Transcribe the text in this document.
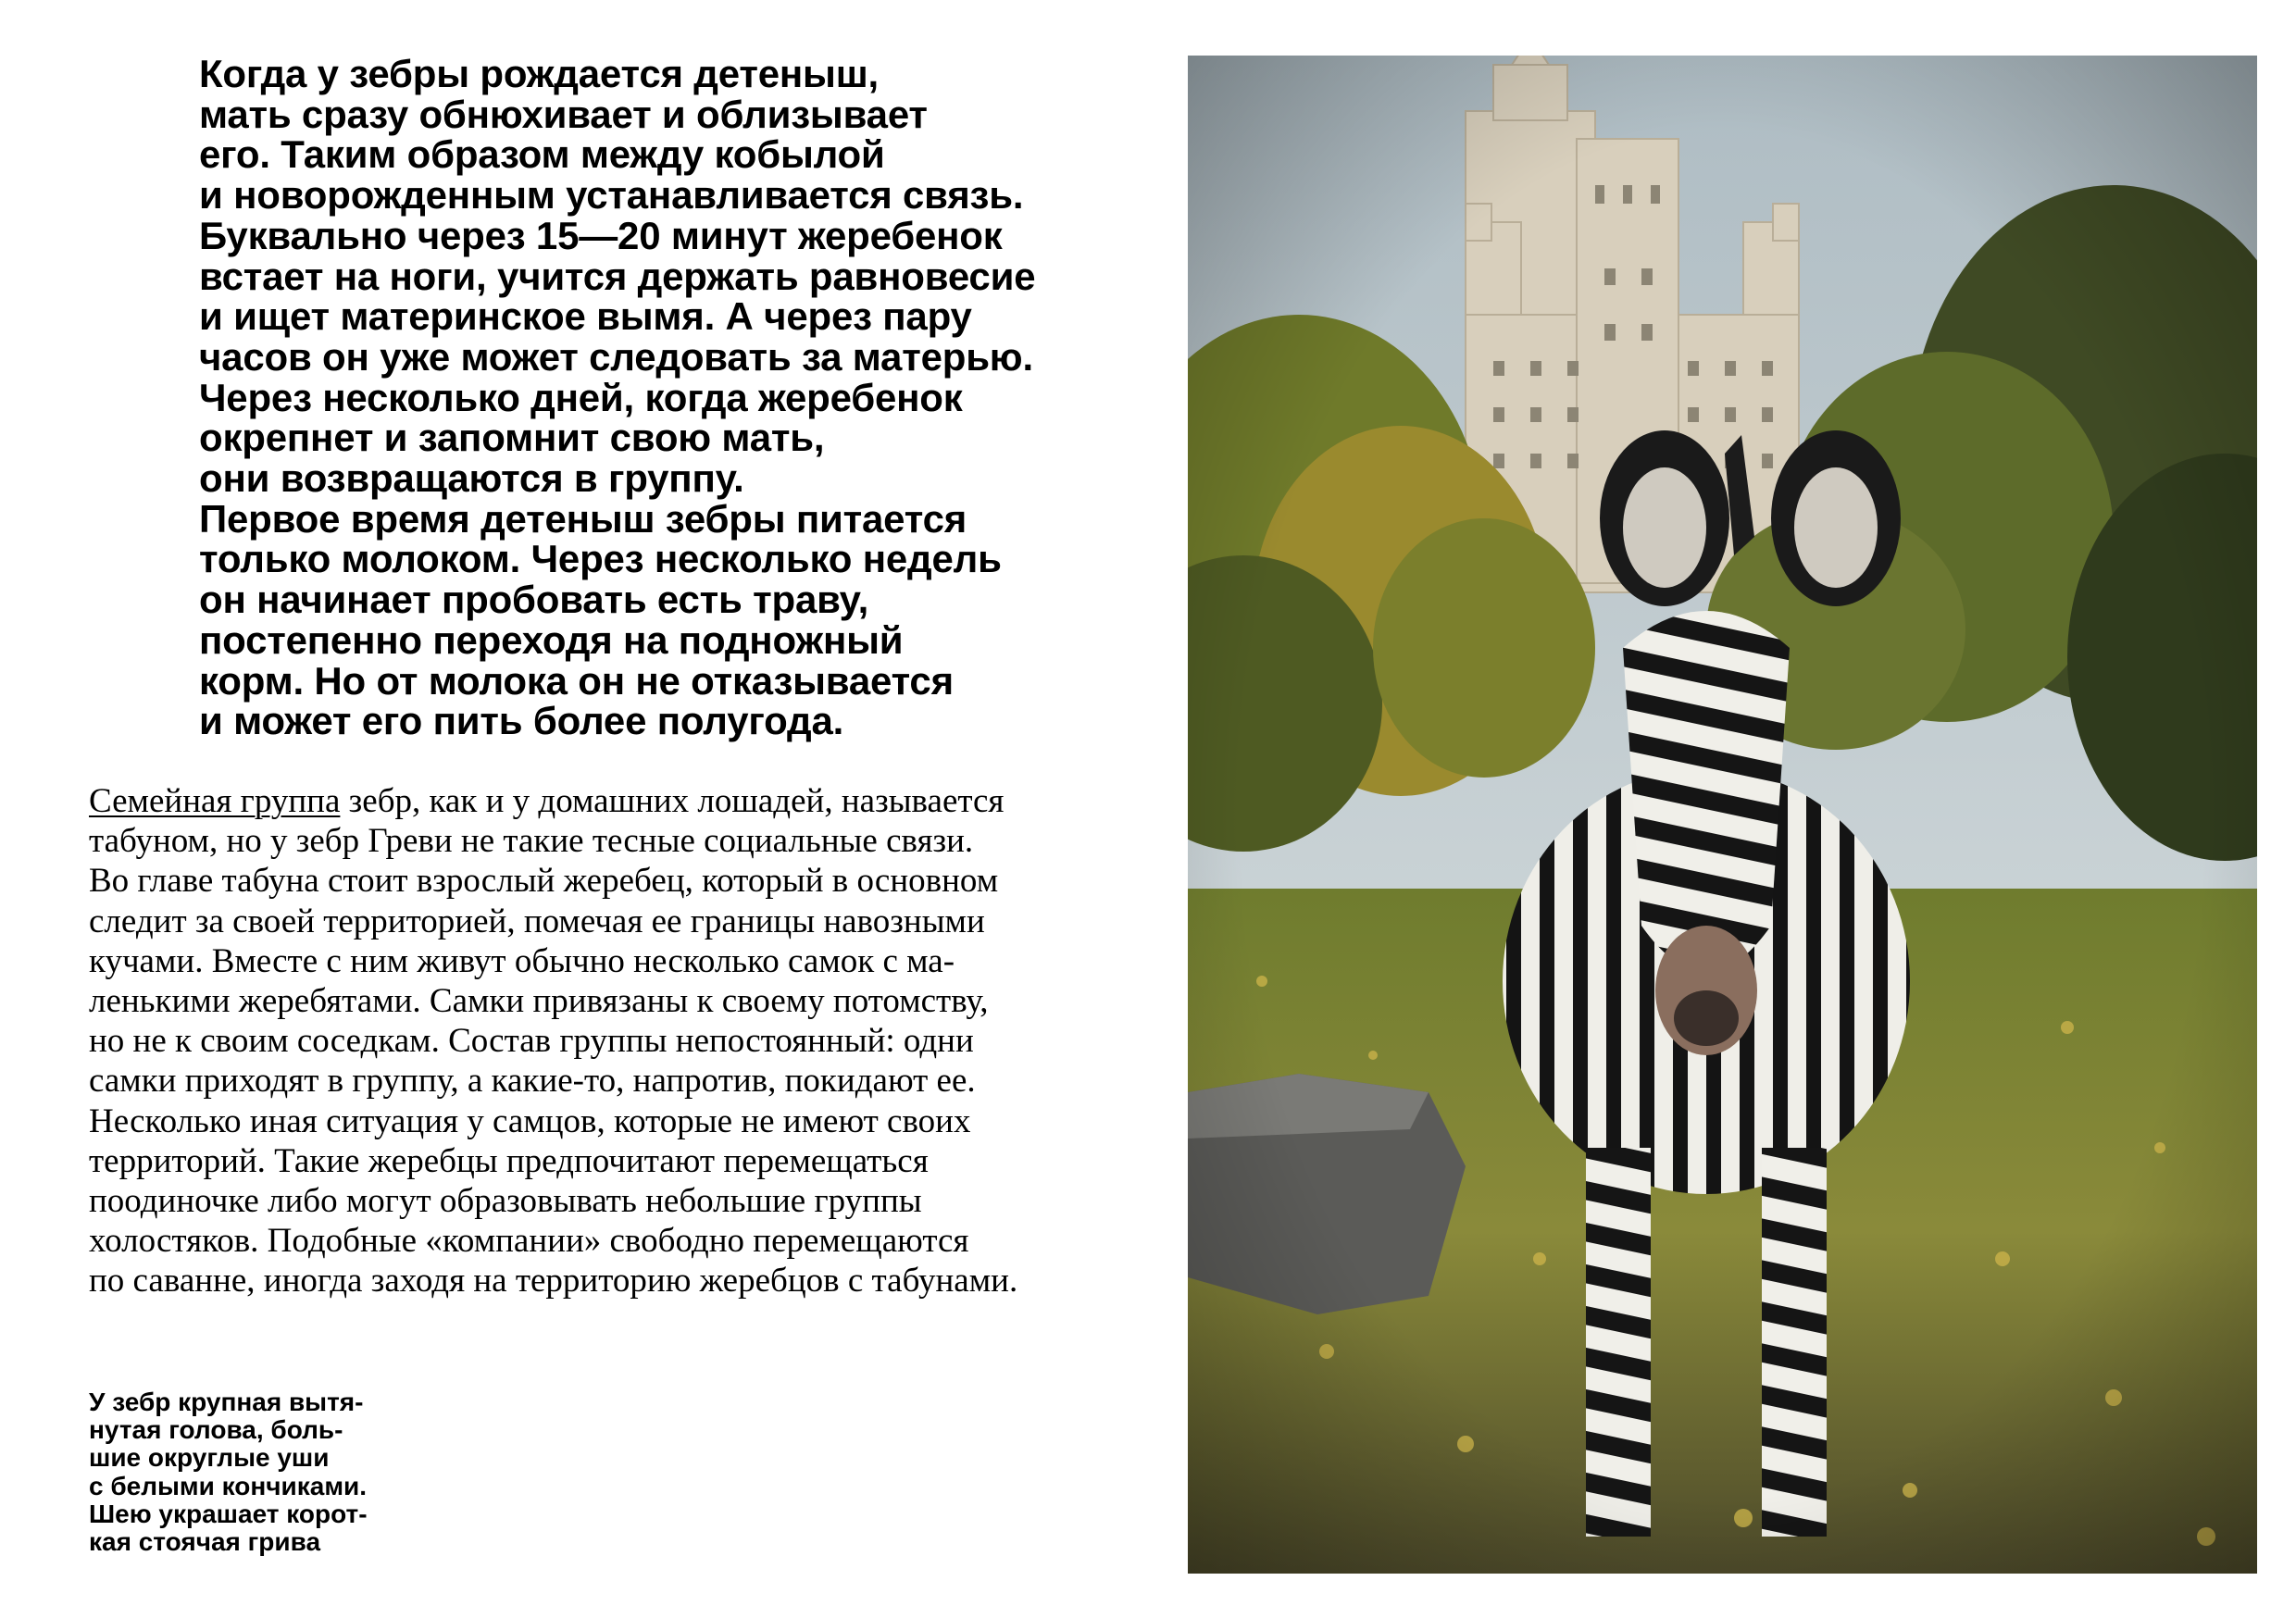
Когда у зебры рождается детеныш,
мать сразу обнюхивает и облизывает
его. Таким образом между кобылой
и новорожденным устанавливается связь.
Буквально через 15—20 минут жеребенок
встает на ноги, учится держать равновесие
и ищет материнское вымя. А через пару
часов он уже может следовать за матерью.
Через несколько дней, когда жеребенок
окрепнет и запомнит свою мать,
они возвращаются в группу.
Первое время детеныш зебры питается
только молоком. Через несколько недель
он начинает пробовать есть траву,
постепенно переходя на подножный
корм. Но от молока он не отказывается
и может его пить более полугода.
Семейная группа зебр, как и у домашних лошадей, называется
табуном, но у зебр Греви не такие тесные социальные связи.
Во главе табуна стоит взрослый жеребец, который в основном
следит за своей территорией, помечая ее границы навозными
кучами. Вместе с ним живут обычно несколько самок с ма-
ленькими жеребятами. Самки привязаны к своему потомству,
но не к своим соседкам. Состав группы непостоянный: одни
самки приходят в группу, а какие-то, напротив, покидают ее.
Несколько иная ситуация у самцов, которые не имеют своих
территорий. Такие жеребцы предпочитают перемещаться
поодиночке либо могут образовывать небольшие группы
холостяков. Подобные «компании» свободно перемещаются
по саванне, иногда заходя на территорию жеребцов с табунами.
У зебр крупная вытя-
нутая голова, боль-
шие округлые уши
с белыми кончиками.
Шею украшает корот-
кая стоячая грива
